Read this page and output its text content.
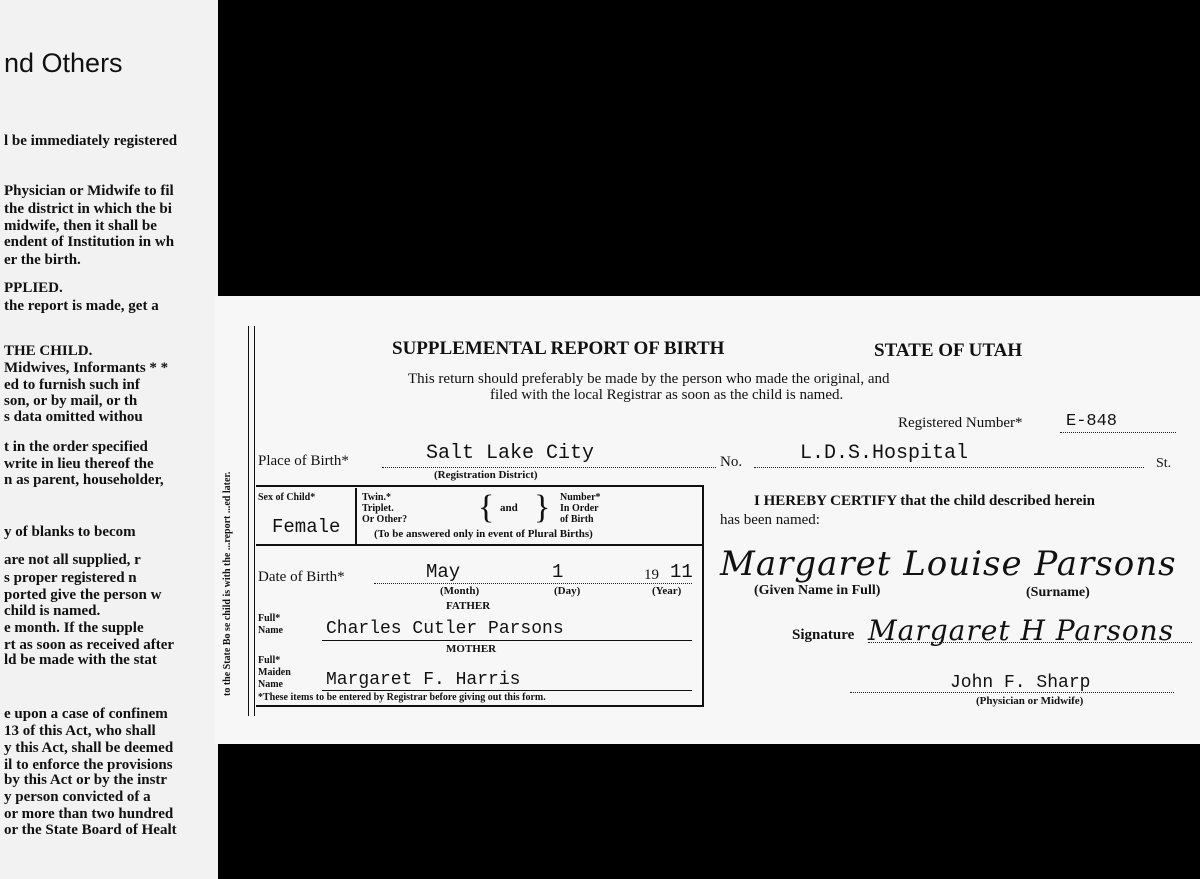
nd Others
l be immediately registered
Physician or Midwife to fil
the district in which the bi
midwife, then it shall be
endent of Institution in wh
er the birth.
PPLIED.
the report is made, get a
THE CHILD.
Midwives, Informants * *
ed to furnish such inf
son, or by mail, or th
s data omitted withou
t in the order specified
write in lieu thereof the
n as parent, householder,
y of blanks to becom
are not all supplied, r
s proper registered n
ported give the person w
child is named.
e month. If the supple
rt as soon as received after
ld be made with the stat
e upon a case of confinem
13 of this Act, who shall
y this Act, shall be deemed
il to enforce the provisions
by this Act or by the instr
y person convicted of a
or more than two hundred
or the State Board of Healt
to the State Bo se child is with the ...report ...ed later.
SUPPLEMENTAL REPORT OF BIRTH	STATE OF UTAH
This return should preferably be made by the person who made the original, and
filed with the local Registrar as soon as the child is named.
Registered Number*	E-848
Place of Birth*	Salt Lake City
(Registration District)
No.	L.D.S.Hospital	St.
Sex of Child*
Female
Twin.*
Triplet.
Or Other? { and } Number*
In Order
of Birth
(To be answered only in event of Plural Births)
Date of Birth*	May	1	19 11
(Month)	(Day)	(Year)
FATHER
Full*
Name Charles Cutler Parsons
MOTHER
Full*
Maiden
Name Margaret F. Harris
*These items to be entered by Registrar before giving out this form.
I HEREBY CERTIFY that the child described herein
has been named:
Margaret Louise Parsons
(Given Name in Full)	(Surname)
Signature Margaret H Parsons
John F. Sharp
(Physician or Midwife)
